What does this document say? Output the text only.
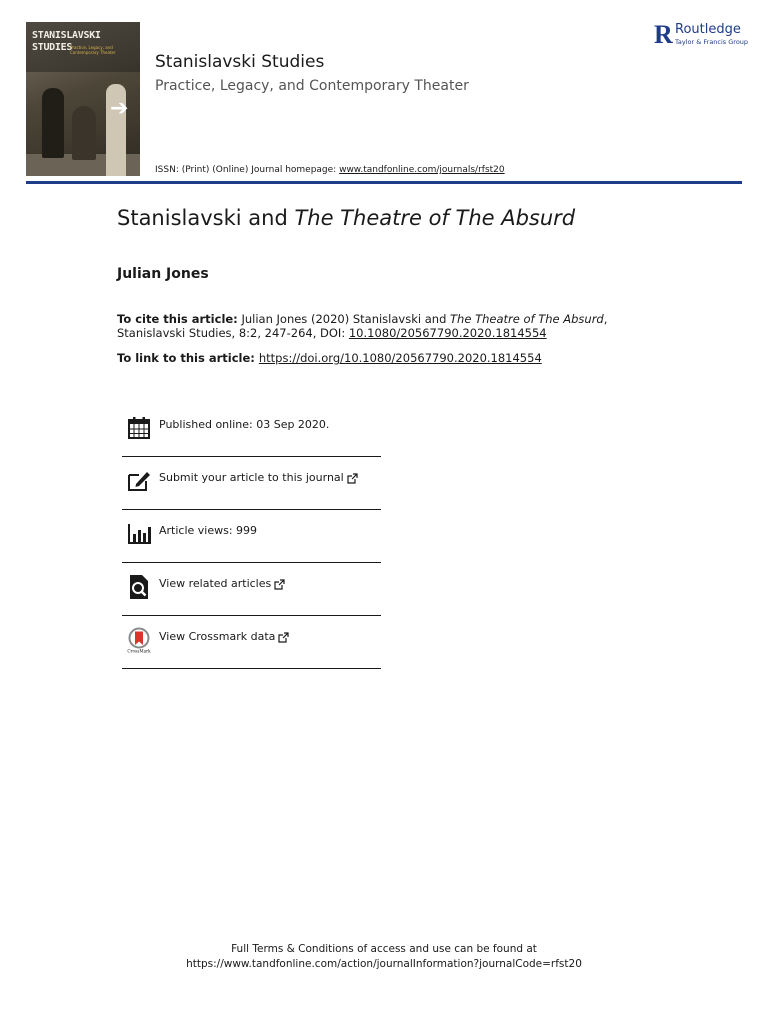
STANISLAVSKI
STUDIES
Practice, Legacy, and Contemporary Theater
➔
Stanislavski Studies
Practice, Legacy, and Contemporary Theater
R Routledge
Taylor & Francis Group
ISSN: (Print) (Online) Journal homepage: www.tandfonline.com/journals/rfst20
Stanislavski and The Theatre of The Absurd
Julian Jones
To cite this article: Julian Jones (2020) Stanislavski and The Theatre of The Absurd, Stanislavski Studies, 8:2, 247-264, DOI: 10.1080/20567790.2020.1814554
To link to this article: https://doi.org/10.1080/20567790.2020.1814554
Published online: 03 Sep 2020.
Submit your article to this journal
Article views: 999
View related articles
CrossMark
View Crossmark data
Full Terms & Conditions of access and use can be found at
https://www.tandfonline.com/action/journalInformation?journalCode=rfst20
